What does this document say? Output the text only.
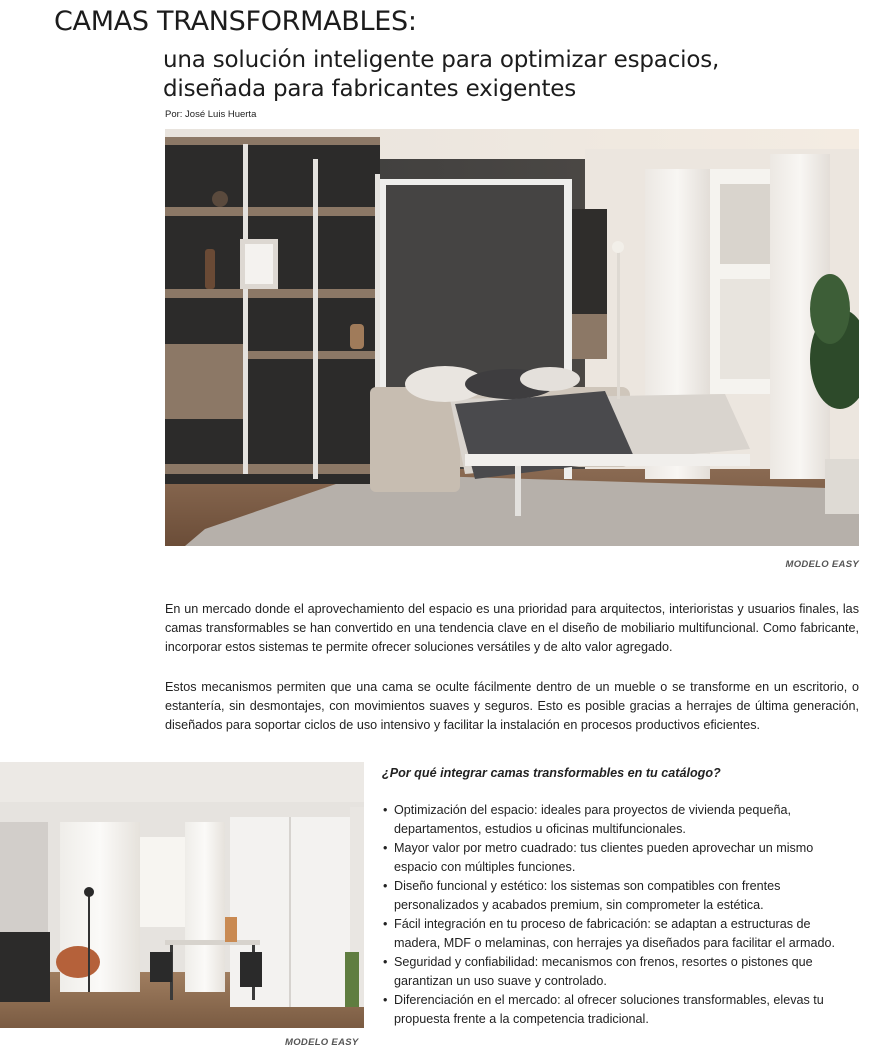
CAMAS TRANSFORMABLES:
una solución inteligente para optimizar espacios,
diseñada para fabricantes exigentes
Por: José Luis Huerta
MODELO EASY

En un mercado donde el aprovechamiento del espacio es una prioridad para arquitectos, interioristas y usuarios finales, las camas transformables se han convertido en una tendencia clave en el diseño de mobiliario multifuncional. Como fabricante, incorporar estos sistemas te permite ofrecer soluciones versátiles y de alto valor agregado.

Estos mecanismos permiten que una cama se oculte fácilmente dentro de un mueble o se transforme en un escritorio, o estantería, sin desmontajes, con movimientos suaves y seguros. Esto es posible gracias a herrajes de última generación, diseñados para soportar ciclos de uso intensivo y facilitar la instalación en procesos productivos eficientes.

MODELO EASY
¿Por qué integrar camas transformables en tu catálogo?
• Optimización del espacio: ideales para proyectos de vivienda pequeña, departamentos, estudios u oficinas multifuncionales.
• Mayor valor por metro cuadrado: tus clientes pueden aprovechar un mismo espacio con múltiples funciones.
• Diseño funcional y estético: los sistemas son compatibles con frentes personalizados y acabados premium, sin comprometer la estética.
• Fácil integración en tu proceso de fabricación: se adaptan a estructuras de madera, MDF o melaminas, con herrajes ya diseñados para facilitar el armado.
• Seguridad y confiabilidad: mecanismos con frenos, resortes o pistones que garantizan un uso suave y controlado.
• Diferenciación en el mercado: al ofrecer soluciones transformables, elevas tu propuesta frente a la competencia tradicional.
